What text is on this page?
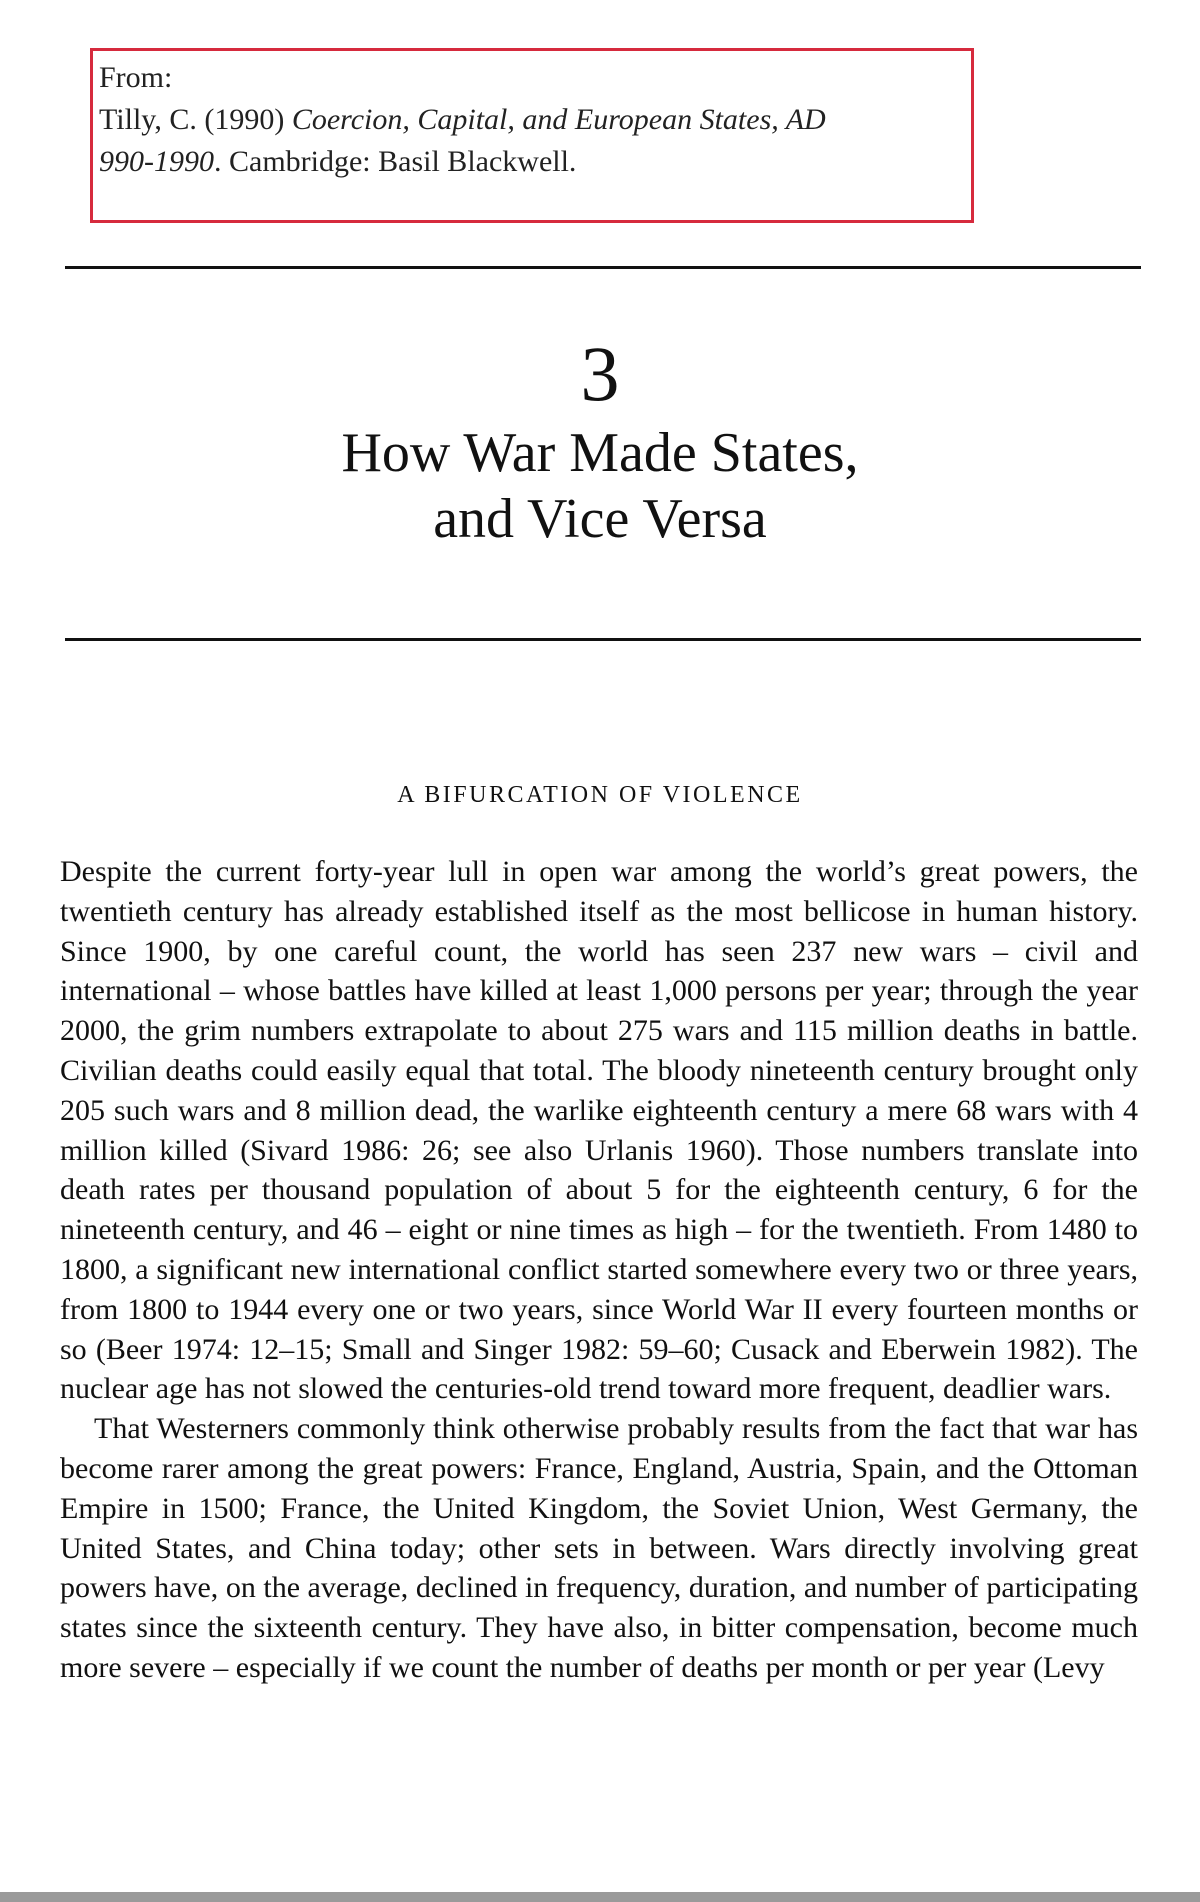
From:
Tilly, C. (1990) Coercion, Capital, and European States, AD
990-1990. Cambridge: Basil Blackwell.
3
How War Made States,
and Vice Versa
A BIFURCATION OF VIOLENCE

Despite the current forty-year lull in open war among the world’s great powers, the twentieth century has already established itself as the most bellicose in human history. Since 1900, by one careful count, the world has seen 237 new wars – civil and international – whose battles have killed at least 1,000 persons per year; through the year 2000, the grim numbers extrapolate to about 275 wars and 115 million deaths in battle. Civilian deaths could easily equal that total. The bloody nineteenth century brought only 205 such wars and 8 million dead, the warlike eighteenth century a mere 68 wars with 4 million killed (Sivard 1986: 26; see also Urlanis 1960). Those numbers translate into death rates per thousand population of about 5 for the eighteenth century, 6 for the nineteenth century, and 46 – eight or nine times as high – for the twentieth. From 1480 to 1800, a significant new international conflict started somewhere every two or three years, from 1800 to 1944 every one or two years, since World War II every fourteen months or so (Beer 1974: 12–15; Small and Singer 1982: 59–60; Cusack and Eberwein 1982). The nuclear age has not slowed the centuries-old trend toward more frequent, deadlier wars.

That Westerners commonly think otherwise probably results from the fact that war has become rarer among the great powers: France, England, Austria, Spain, and the Ottoman Empire in 1500; France, the United Kingdom, the Soviet Union, West Germany, the United States, and China today; other sets in between. Wars directly involving great powers have, on the average, declined in frequency, duration, and number of participating states since the sixteenth century. They have also, in bitter compensation, become much more severe – especially if we count the number of deaths per month or per year (Levy
